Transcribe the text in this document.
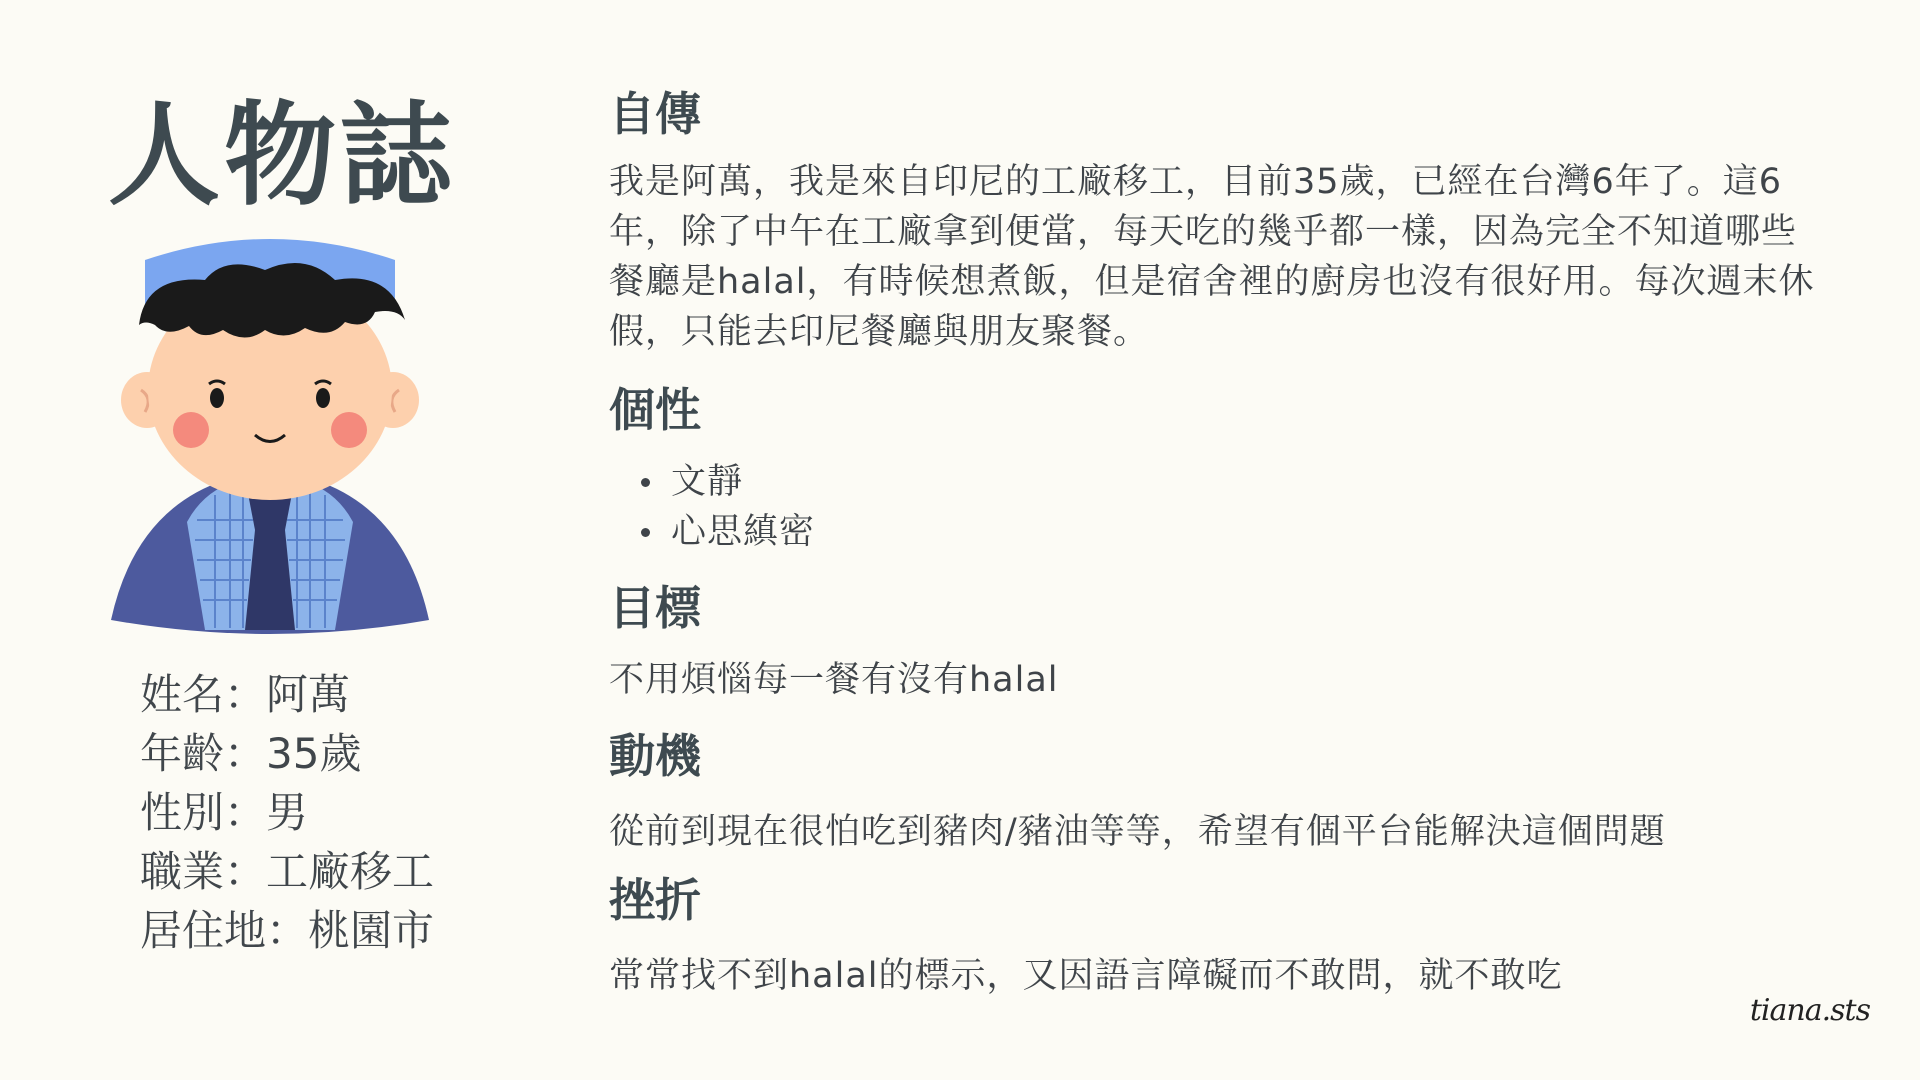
人物誌
姓名：阿萬
年齡：35歲
性別：男
職業：工廠移工
居住地：桃園市
自傳

我是阿萬，我是來自印尼的工廠移工，目前35歲，已經在台灣6年了。這6年，除了中午在工廠拿到便當，每天吃的幾乎都一樣，因為完全不知道哪些餐廳是halal，有時候想煮飯，但是宿舍裡的廚房也沒有很好用。每次週末休假，只能去印尼餐廳與朋友聚餐。

個性
文靜
心思縝密
目標

不用煩惱每一餐有沒有halal

動機

從前到現在很怕吃到豬肉/豬油等等，希望有個平台能解決這個問題

挫折

常常找不到halal的標示，又因語言障礙而不敢問，就不敢吃

tiana.sts
